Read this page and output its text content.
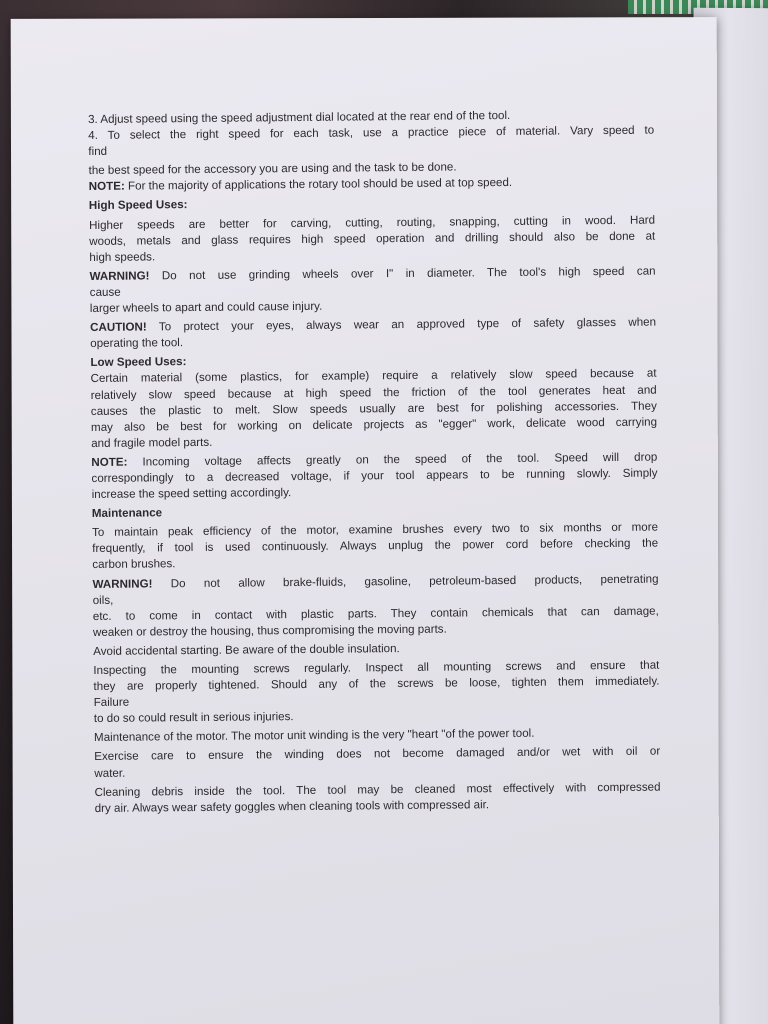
3. Adjust speed using the speed adjustment dial located at the rear end of the tool.

4. To select the right speed for each task, use a practice piece of material. Vary speed to

find

the best speed for the accessory you are using and the task to be done.

NOTE: For the majority of applications the rotary tool should be used at top speed.

High Speed Uses:

Higher speeds are better for carving, cutting, routing, snapping, cutting in wood. Hard

woods, metals and glass requires high speed operation and drilling should also be done at

high speeds.

WARNING! Do not use grinding wheels over I" in diameter. The tool's high speed can

cause

larger wheels to apart and could cause injury.

CAUTION! To protect your eyes, always wear an approved type of safety glasses when

operating the tool.

Low Speed Uses:

Certain material (some plastics, for example) require a relatively slow speed because at

relatively slow speed because at high speed the friction of the tool generates heat and

causes the plastic to melt. Slow speeds usually are best for polishing accessories. They

may also be best for working on delicate projects as "egger" work, delicate wood carrying

and fragile model parts.

NOTE: Incoming voltage affects greatly on the speed of the tool. Speed will drop

correspondingly to a decreased voltage, if your tool appears to be running slowly. Simply

increase the speed setting accordingly.

Maintenance

To maintain peak efficiency of the motor, examine brushes every two to six months or more

frequently, if tool is used continuously. Always unplug the power cord before checking the

carbon brushes.

WARNING! Do not allow brake-fluids, gasoline, petroleum-based products, penetrating

oils,

etc. to come in contact with plastic parts. They contain chemicals that can damage,

weaken or destroy the housing, thus compromising the moving parts.

Avoid accidental starting. Be aware of the double insulation.

Inspecting the mounting screws regularly. Inspect all mounting screws and ensure that

they are properly tightened. Should any of the screws be loose, tighten them immediately.

Failure

to do so could result in serious injuries.

Maintenance of the motor. The motor unit winding is the very "heart "of the power tool.

Exercise care to ensure the winding does not become damaged and/or wet with oil or

water.

Cleaning debris inside the tool. The tool may be cleaned most effectively with compressed

dry air. Always wear safety goggles when cleaning tools with compressed air.
